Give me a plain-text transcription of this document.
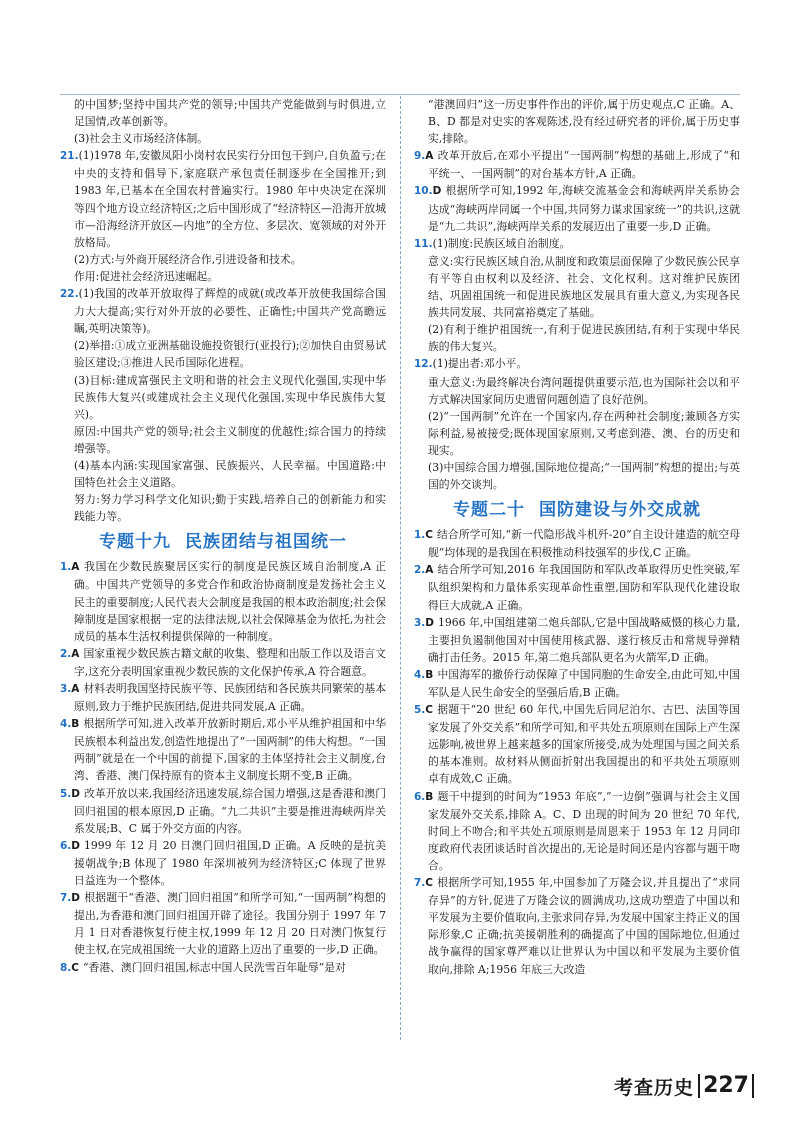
的中国梦;坚持中国共产党的领导;中国共产党能做到与时俱进,立足国情,改革创新等。

(3)社会主义市场经济体制。

21.(1)1978 年,安徽凤阳小岗村农民实行分田包干到户,自负盈亏;在中央的支持和倡导下,家庭联产承包责任制逐步在全国推开;到 1983 年,已基本在全国农村普遍实行。1980 年中央决定在深圳等四个地方设立经济特区;之后中国形成了“经济特区—沿海开放城市—沿海经济开放区—内地”的全方位、多层次、宽领域的对外开放格局。

(2)方式:与外商开展经济合作,引进设备和技术。

作用:促进社会经济迅速崛起。

22.(1)我国的改革开放取得了辉煌的成就(或改革开放使我国综合国力大大提高;实行对外开放的必要性、正确性;中国共产党高瞻远瞩,英明决策等)。

(2)举措:①成立亚洲基础设施投资银行(亚投行);②加快自由贸易试验区建设;③推进人民币国际化进程。

(3)目标:建成富强民主文明和谐的社会主义现代化强国,实现中华民族伟大复兴(或建成社会主义现代化强国,实现中华民族伟大复兴)。

原因:中国共产党的领导;社会主义制度的优越性;综合国力的持续增强等。

(4)基本内涵:实现国家富强、民族振兴、人民幸福。中国道路:中国特色社会主义道路。

努力:努力学习科学文化知识;勤于实践,培养自己的创新能力和实践能力等。

专题十九 民族团结与祖国统一

1.A 我国在少数民族聚居区实行的制度是民族区域自治制度,A 正确。中国共产党领导的多党合作和政治协商制度是发扬社会主义民主的重要制度;人民代表大会制度是我国的根本政治制度;社会保障制度是国家根据一定的法律法规,以社会保障基金为依托,为社会成员的基本生活权利提供保障的一种制度。

2.A 国家重视少数民族古籍文献的收集、整理和出版工作以及语言文字,这充分表明国家重视少数民族的文化保护传承,A 符合题意。

3.A 材料表明我国坚持民族平等、民族团结和各民族共同繁荣的基本原则,致力于维护民族团结,促进共同发展,A 正确。

4.B 根据所学可知,进入改革开放新时期后,邓小平从维护祖国和中华民族根本利益出发,创造性地提出了“一国两制”的伟大构想。“一国两制”就是在一个中国的前提下,国家的主体坚持社会主义制度,台湾、香港、澳门保持原有的资本主义制度长期不变,B 正确。

5.D 改革开放以来,我国经济迅速发展,综合国力增强,这是香港和澳门回归祖国的根本原因,D 正确。“九二共识”主要是推进海峡两岸关系发展;B、C 属于外交方面的内容。

6.D 1999 年 12 月 20 日澳门回归祖国,D 正确。A 反映的是抗美援朝战争;B 体现了 1980 年深圳被列为经济特区;C 体现了世界日益连为一个整体。

7.D 根据题干“香港、澳门回归祖国”和所学可知,“一国两制”构想的提出,为香港和澳门回归祖国开辟了途径。我国分别于 1997 年 7 月 1 日对香港恢复行使主权,1999 年 12 月 20 日对澳门恢复行使主权,在完成祖国统一大业的道路上迈出了重要的一步,D 正确。

8.C “香港、澳门回归祖国,标志中国人民洗雪百年耻辱”是对

“港澳回归”这一历史事件作出的评价,属于历史观点,C 正确。A、B、D 都是对史实的客观陈述,没有经过研究者的评价,属于历史事实,排除。

9.A 改革开放后,在邓小平提出“一国两制”构想的基础上,形成了“和平统一、一国两制”的对台基本方针,A 正确。

10.D 根据所学可知,1992 年,海峡交流基金会和海峡两岸关系协会达成“海峡两岸同属一个中国,共同努力谋求国家统一”的共识,这就是“九二共识”,海峡两岸关系的发展迈出了重要一步,D 正确。

11.(1)制度:民族区域自治制度。

意义:实行民族区域自治,从制度和政策层面保障了少数民族公民享有平等自由权利以及经济、社会、文化权利。这对维护民族团结、巩固祖国统一和促进民族地区发展具有重大意义,为实现各民族共同发展、共同富裕奠定了基础。

(2)有利于维护祖国统一,有利于促进民族团结,有利于实现中华民族的伟大复兴。

12.(1)提出者:邓小平。

重大意义:为最终解决台湾问题提供重要示范,也为国际社会以和平方式解决国家间历史遗留问题创造了良好范例。

(2)“一国两制”允许在一个国家内,存在两种社会制度;兼顾各方实际利益,易被接受;既体现国家原则,又考虑到港、澳、台的历史和现实。

(3)中国综合国力增强,国际地位提高;“一国两制”构想的提出;与英国的外交谈判。

专题二十 国防建设与外交成就

1.C 结合所学可知,“新一代隐形战斗机歼-20”自主设计建造的航空母舰”均体现的是我国在积极推动科技强军的步伐,C 正确。

2.A 结合所学可知,2016 年我国国防和军队改革取得历史性突破,军队组织架构和力量体系实现革命性重塑,国防和军队现代化建设取得巨大成就,A 正确。

3.D 1966 年,中国组建第二炮兵部队,它是中国战略威慑的核心力量,主要担负遏制他国对中国使用核武器、遂行核反击和常规导弹精确打击任务。2015 年,第二炮兵部队更名为火箭军,D 正确。

4.B 中国海军的撤侨行动保障了中国同胞的生命安全,由此可知,中国军队是人民生命安全的坚强后盾,B 正确。

5.C 据题干“20 世纪 60 年代,中国先后同尼泊尔、古巴、法国等国家发展了外交关系”和所学可知,和平共处五项原则在国际上产生深远影响,被世界上越来越多的国家所接受,成为处理国与国之间关系的基本准则。故材料从侧面折射出我国提出的和平共处五项原则卓有成效,C 正确。

6.B 题干中提到的时间为“1953 年底”,“一边倒”强调与社会主义国家发展外交关系,排除 A。C、D 出现的时间为 20 世纪 70 年代,时间上不吻合;和平共处五项原则是周恩来于 1953 年 12 月同印度政府代表团谈话时首次提出的,无论是时间还是内容都与题干吻合。

7.C 根据所学可知,1955 年,中国参加了万隆会议,并且提出了“求同存异”的方针,促进了万隆会议的圆满成功,这成功塑造了中国以和平发展为主要价值取向,主张求同存异,为发展中国家主持正义的国际形象,C 正确;抗美援朝胜利的确提高了中国的国际地位,但通过战争赢得的国家尊严难以让世界认为中国以和平发展为主要价值取向,排除 A;1956 年底三大改造

考查历史 227
